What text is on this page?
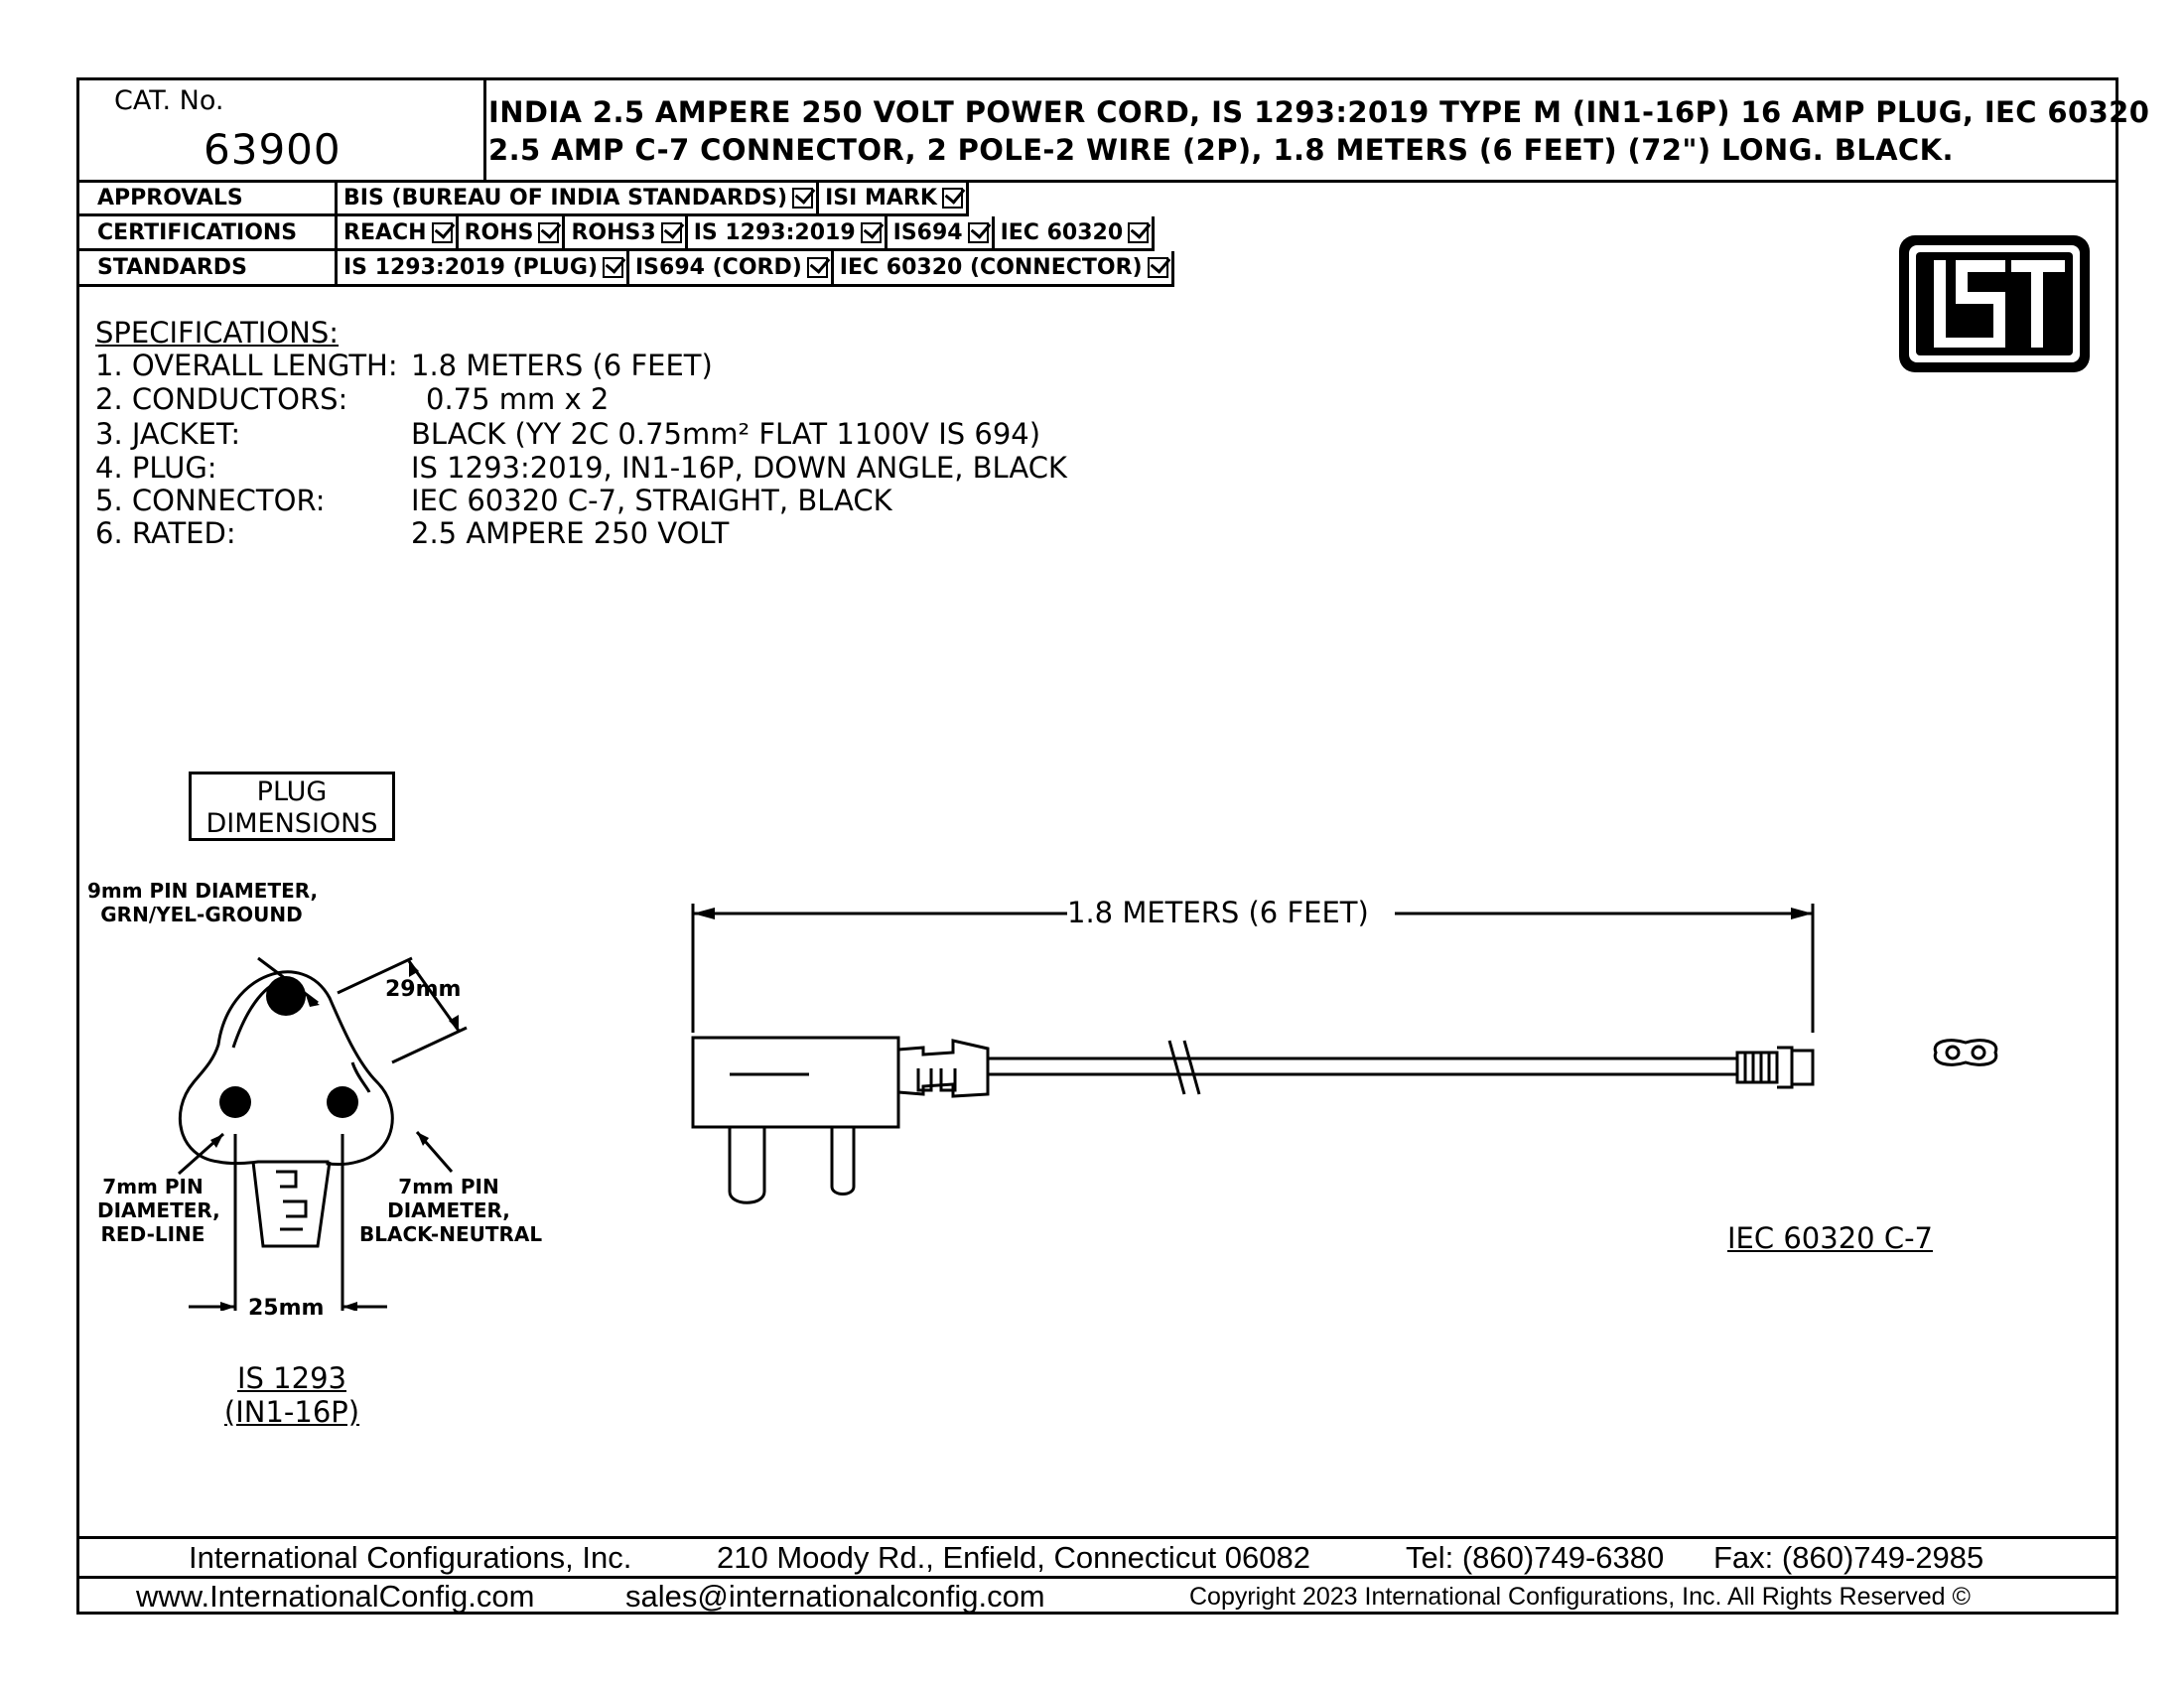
CAT. No.
63900
INDIA 2.5 AMPERE 250 VOLT POWER CORD, IS 1293:2019 TYPE M (IN1-16P) 16 AMP PLUG, IEC 60320
2.5 AMP C-7 CONNECTOR, 2 POLE-2 WIRE (2P), 1.8 METERS (6 FEET) (72") LONG. BLACK.
APPROVALS	BIS (BUREAU OF INDIA STANDARDS) ISI MARK
CERTIFICATIONS	REACH ROHS ROHS3 IS 1293:2019 IS694 IEC 60320
STANDARDS	IS 1293:2019 (PLUG) IS694 (CORD) IEC 60320 (CONNECTOR)
SPECIFICATIONS:
1. OVERALL LENGTH: 1.8 METERS (6 FEET)
2. CONDUCTORS:	0.75 mm x 2
3. JACKET:	BLACK (YY 2C 0.75mm² FLAT 1100V IS 694)
4. PLUG:	IS 1293:2019, IN1-16P, DOWN ANGLE, BLACK
5. CONNECTOR:	IEC 60320 C-7, STRAIGHT, BLACK
6. RATED:	2.5 AMPERE 250 VOLT
PLUG
DIMENSIONS
9mm PIN DIAMETER,
GRN/YEL-GROUND
29mm
7mm PIN
DIAMETER,
RED-LINE
7mm PIN
DIAMETER,
BLACK-NEUTRAL
25mm
IS 1293
(IN1-16P)
1.8 METERS (6 FEET)
IEC 60320 C-7
International Configurations, Inc.	210 Moody Rd., Enfield, Connecticut 06082	Tel: (860)749-6380 Fax: (860)749-2985
www.InternationalConfig.com	sales@internationalconfig.com	Copyright 2023 International Configurations, Inc. All Rights Reserved ©
